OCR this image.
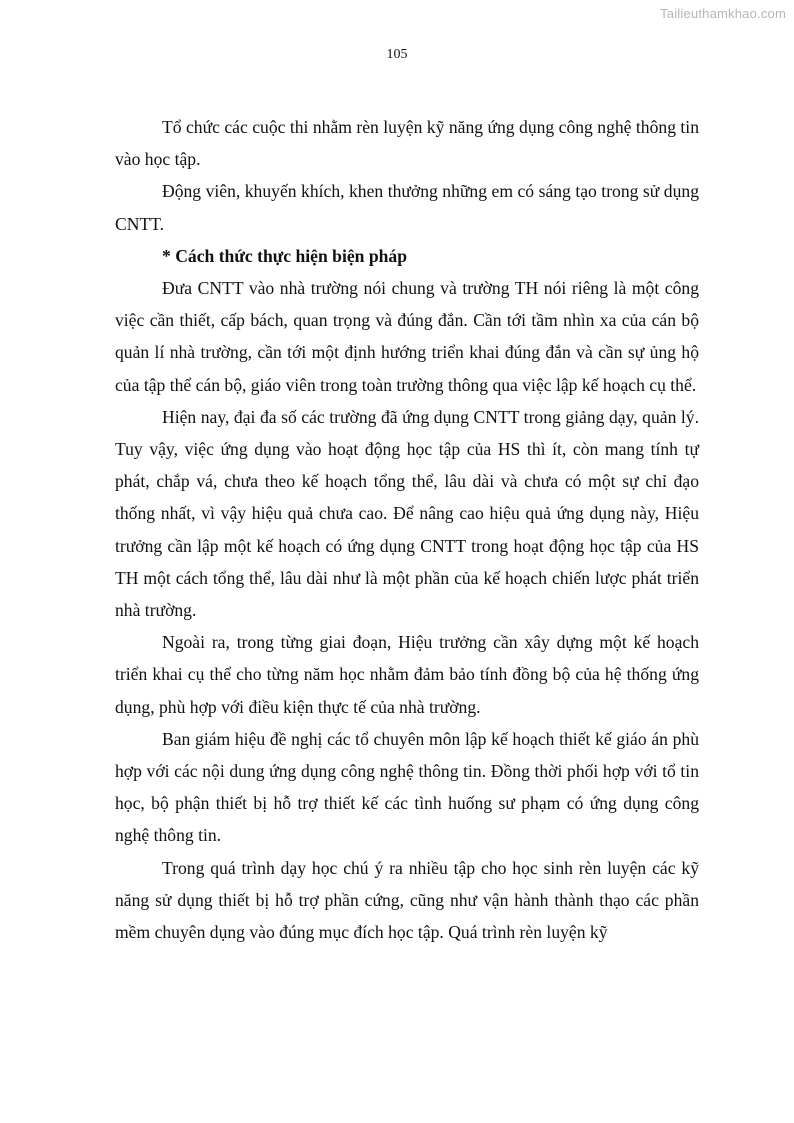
Tailieuthamkhao.com
105

Tổ chức các cuộc thi nhằm rèn luyện kỹ năng ứng dụng công nghệ thông tin vào học tập.

Động viên, khuyến khích, khen thưởng những em có sáng tạo trong sử dụng CNTT.

* Cách thức thực hiện biện pháp

Đưa CNTT vào nhà trường nói chung và trường TH nói riêng là một công việc cần thiết, cấp bách, quan trọng và đúng đắn. Cần tới tầm nhìn xa của cán bộ quản lí nhà trường, cần tới một định hướng triển khai đúng đắn và cần sự ủng hộ của tập thể cán bộ, giáo viên trong toàn trường thông qua việc lập kế hoạch cụ thể.

Hiện nay, đại đa số các trường đã ứng dụng CNTT trong giảng dạy, quản lý. Tuy vậy, việc ứng dụng vào hoạt động học tập của HS thì ít, còn mang tính tự phát, chắp vá, chưa theo kế hoạch tổng thể, lâu dài và chưa có một sự chỉ đạo thống nhất, vì vậy hiệu quả chưa cao. Để nâng cao hiệu quả ứng dụng này, Hiệu trưởng cần lập một kế hoạch có ứng dụng CNTT trong hoạt động học tập của HS TH một cách tổng thể, lâu dài như là một phần của kế hoạch chiến lược phát triển nhà trường.

Ngoài ra, trong từng giai đoạn, Hiệu trưởng cần xây dựng một kế hoạch triển khai cụ thể cho từng năm học nhằm đảm bảo tính đồng bộ của hệ thống ứng dụng, phù hợp với điều kiện thực tế của nhà trường.

Ban giám hiệu đề nghị các tổ chuyên môn lập kế hoạch thiết kế giáo án phù hợp với các nội dung ứng dụng công nghệ thông tin. Đồng thời phối hợp với tổ tin học, bộ phận thiết bị hỗ trợ thiết kế các tình huống sư phạm có ứng dụng công nghệ thông tin.

Trong quá trình dạy học chú ý ra nhiều tập cho học sinh rèn luyện các kỹ năng sử dụng thiết bị hỗ trợ phần cứng, cũng như vận hành thành thạo các phần mềm chuyên dụng vào đúng mục đích học tập. Quá trình rèn luyện kỹ
